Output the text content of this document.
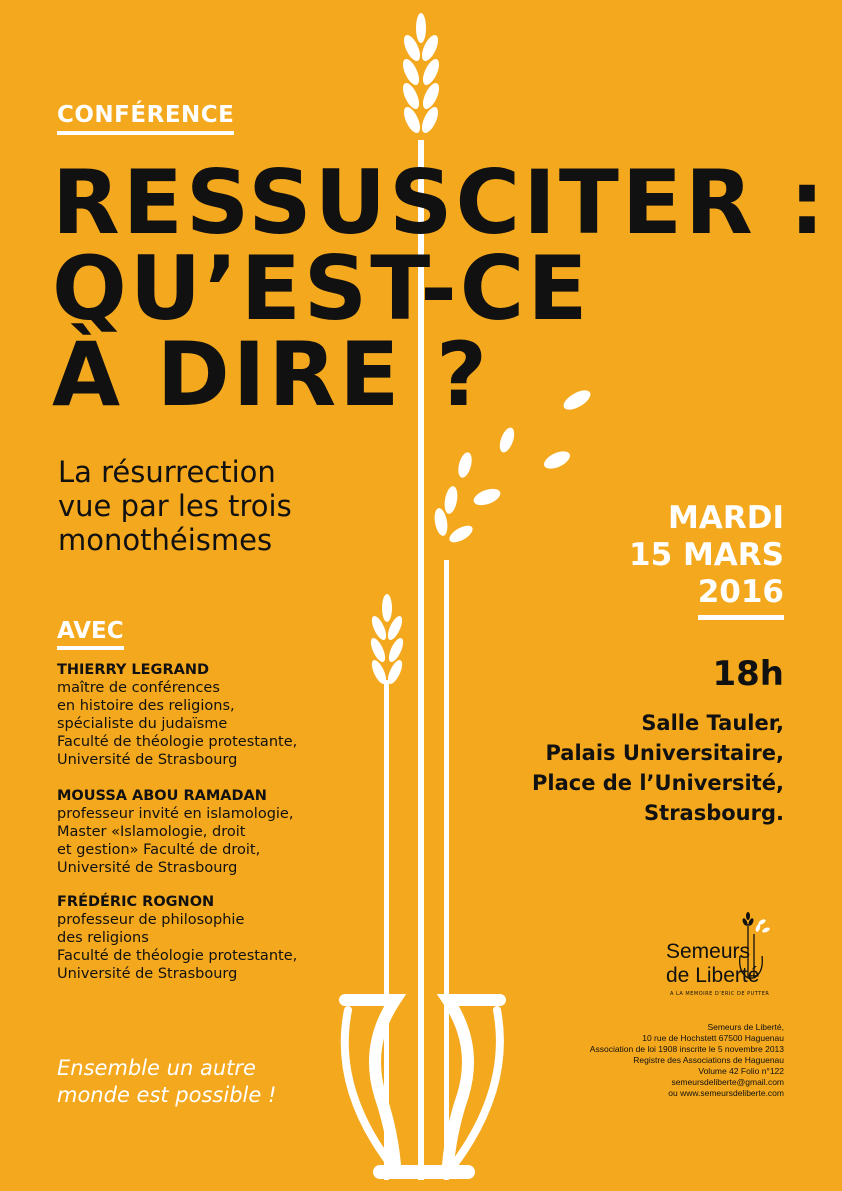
CONFÉRENCE
RESSUSCITER :
QU’EST-CE
À DIRE ?
La résurrection
vue par les trois
monothéismes
MARDI
15 MARS
2016
18h
Salle Tauler,
Palais Universitaire,
Place de l’Université,
Strasbourg.
AVEC
THIERRY LEGRAND
maître de conférences
en histoire des religions,
spécialiste du judaïsme
Faculté de théologie protestante,
Université de Strasbourg
MOUSSA ABOU RAMADAN
professeur invité en islamologie,
Master «Islamologie, droit
et gestion» Faculté de droit,
Université de Strasbourg
FRÉDÉRIC ROGNON
professeur de philosophie
des religions
Faculté de théologie protestante,
Université de Strasbourg
Ensemble un autre
monde est possible !
Semeurs
de Liberté
A LA MEMOIRE D’ERIC DE PUTTER
Semeurs de Liberté,
10 rue de Hochstett 67500 Haguenau
Association de loi 1908 inscrite le 5 novembre 2013
Registre des Associations de Haguenau
Volume 42 Folio n°122
semeursdeliberte@gmail.com
ou www.semeursdeliberte.com
